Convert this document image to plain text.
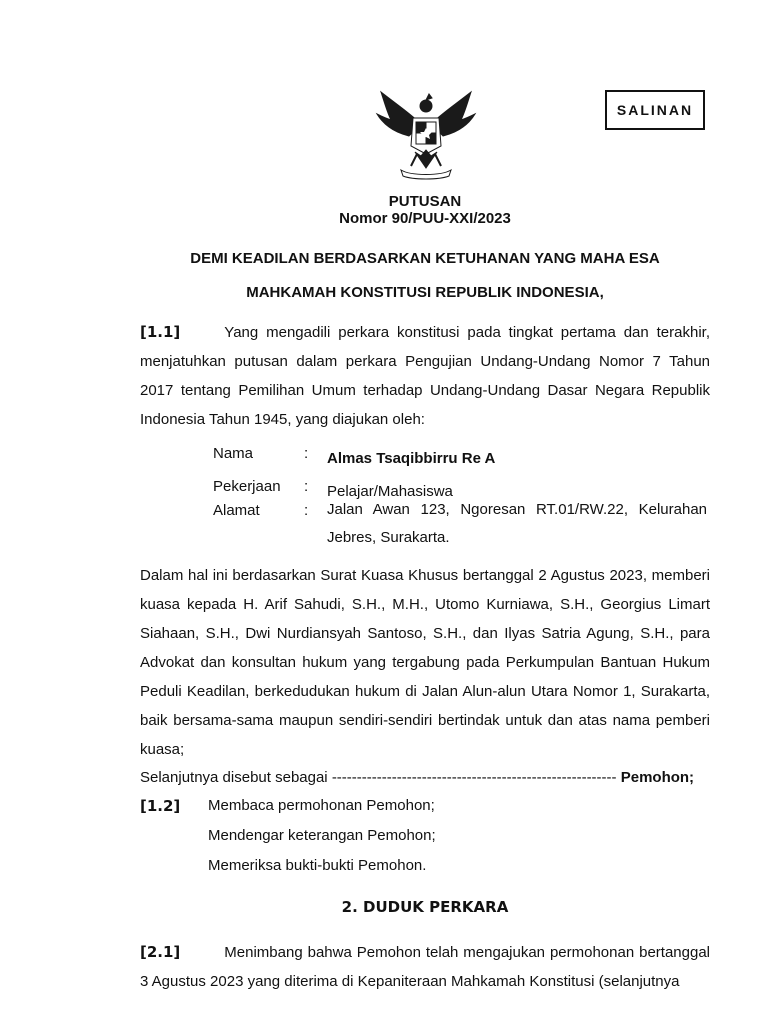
SALINAN
PUTUSAN
Nomor 90/PUU-XXI/2023
DEMI KEADILAN BERDASARKAN KETUHANAN YANG MAHA ESA
MAHKAMAH KONSTITUSI REPUBLIK INDONESIA,
[1.1]	Yang mengadili perkara konstitusi pada tingkat pertama dan terakhir, menjatuhkan putusan dalam perkara Pengujian Undang-Undang Nomor 7 Tahun 2017 tentang Pemilihan Umum terhadap Undang-Undang Dasar Negara Republik Indonesia Tahun 1945, yang diajukan oleh:
Nama	: Almas Tsaqibbirru Re A
Pekerjaan : Pelajar/Mahasiswa
Alamat	: Jalan Awan 123, Ngoresan RT.01/RW.22, Kelurahan Jebres, Surakarta.
Dalam hal ini berdasarkan Surat Kuasa Khusus bertanggal 2 Agustus 2023, memberi kuasa kepada H. Arif Sahudi, S.H., M.H., Utomo Kurniawa, S.H., Georgius Limart Siahaan, S.H., Dwi Nurdiansyah Santoso, S.H., dan Ilyas Satria Agung, S.H., para Advokat dan konsultan hukum yang tergabung pada Perkumpulan Bantuan Hukum Peduli Keadilan, berkedudukan hukum di Jalan Alun-alun Utara Nomor 1, Surakarta, baik bersama-sama maupun sendiri-sendiri bertindak untuk dan atas nama pemberi kuasa;
Selanjutnya disebut sebagai --------------------------------------------------------- Pemohon;
[1.2] Membaca permohonan Pemohon;
Mendengar keterangan Pemohon;
Memeriksa bukti-bukti Pemohon.
2. DUDUK PERKARA
[2.1]	Menimbang bahwa Pemohon telah mengajukan permohonan bertanggal 3 Agustus 2023 yang diterima di Kepaniteraan Mahkamah Konstitusi (selanjutnya
